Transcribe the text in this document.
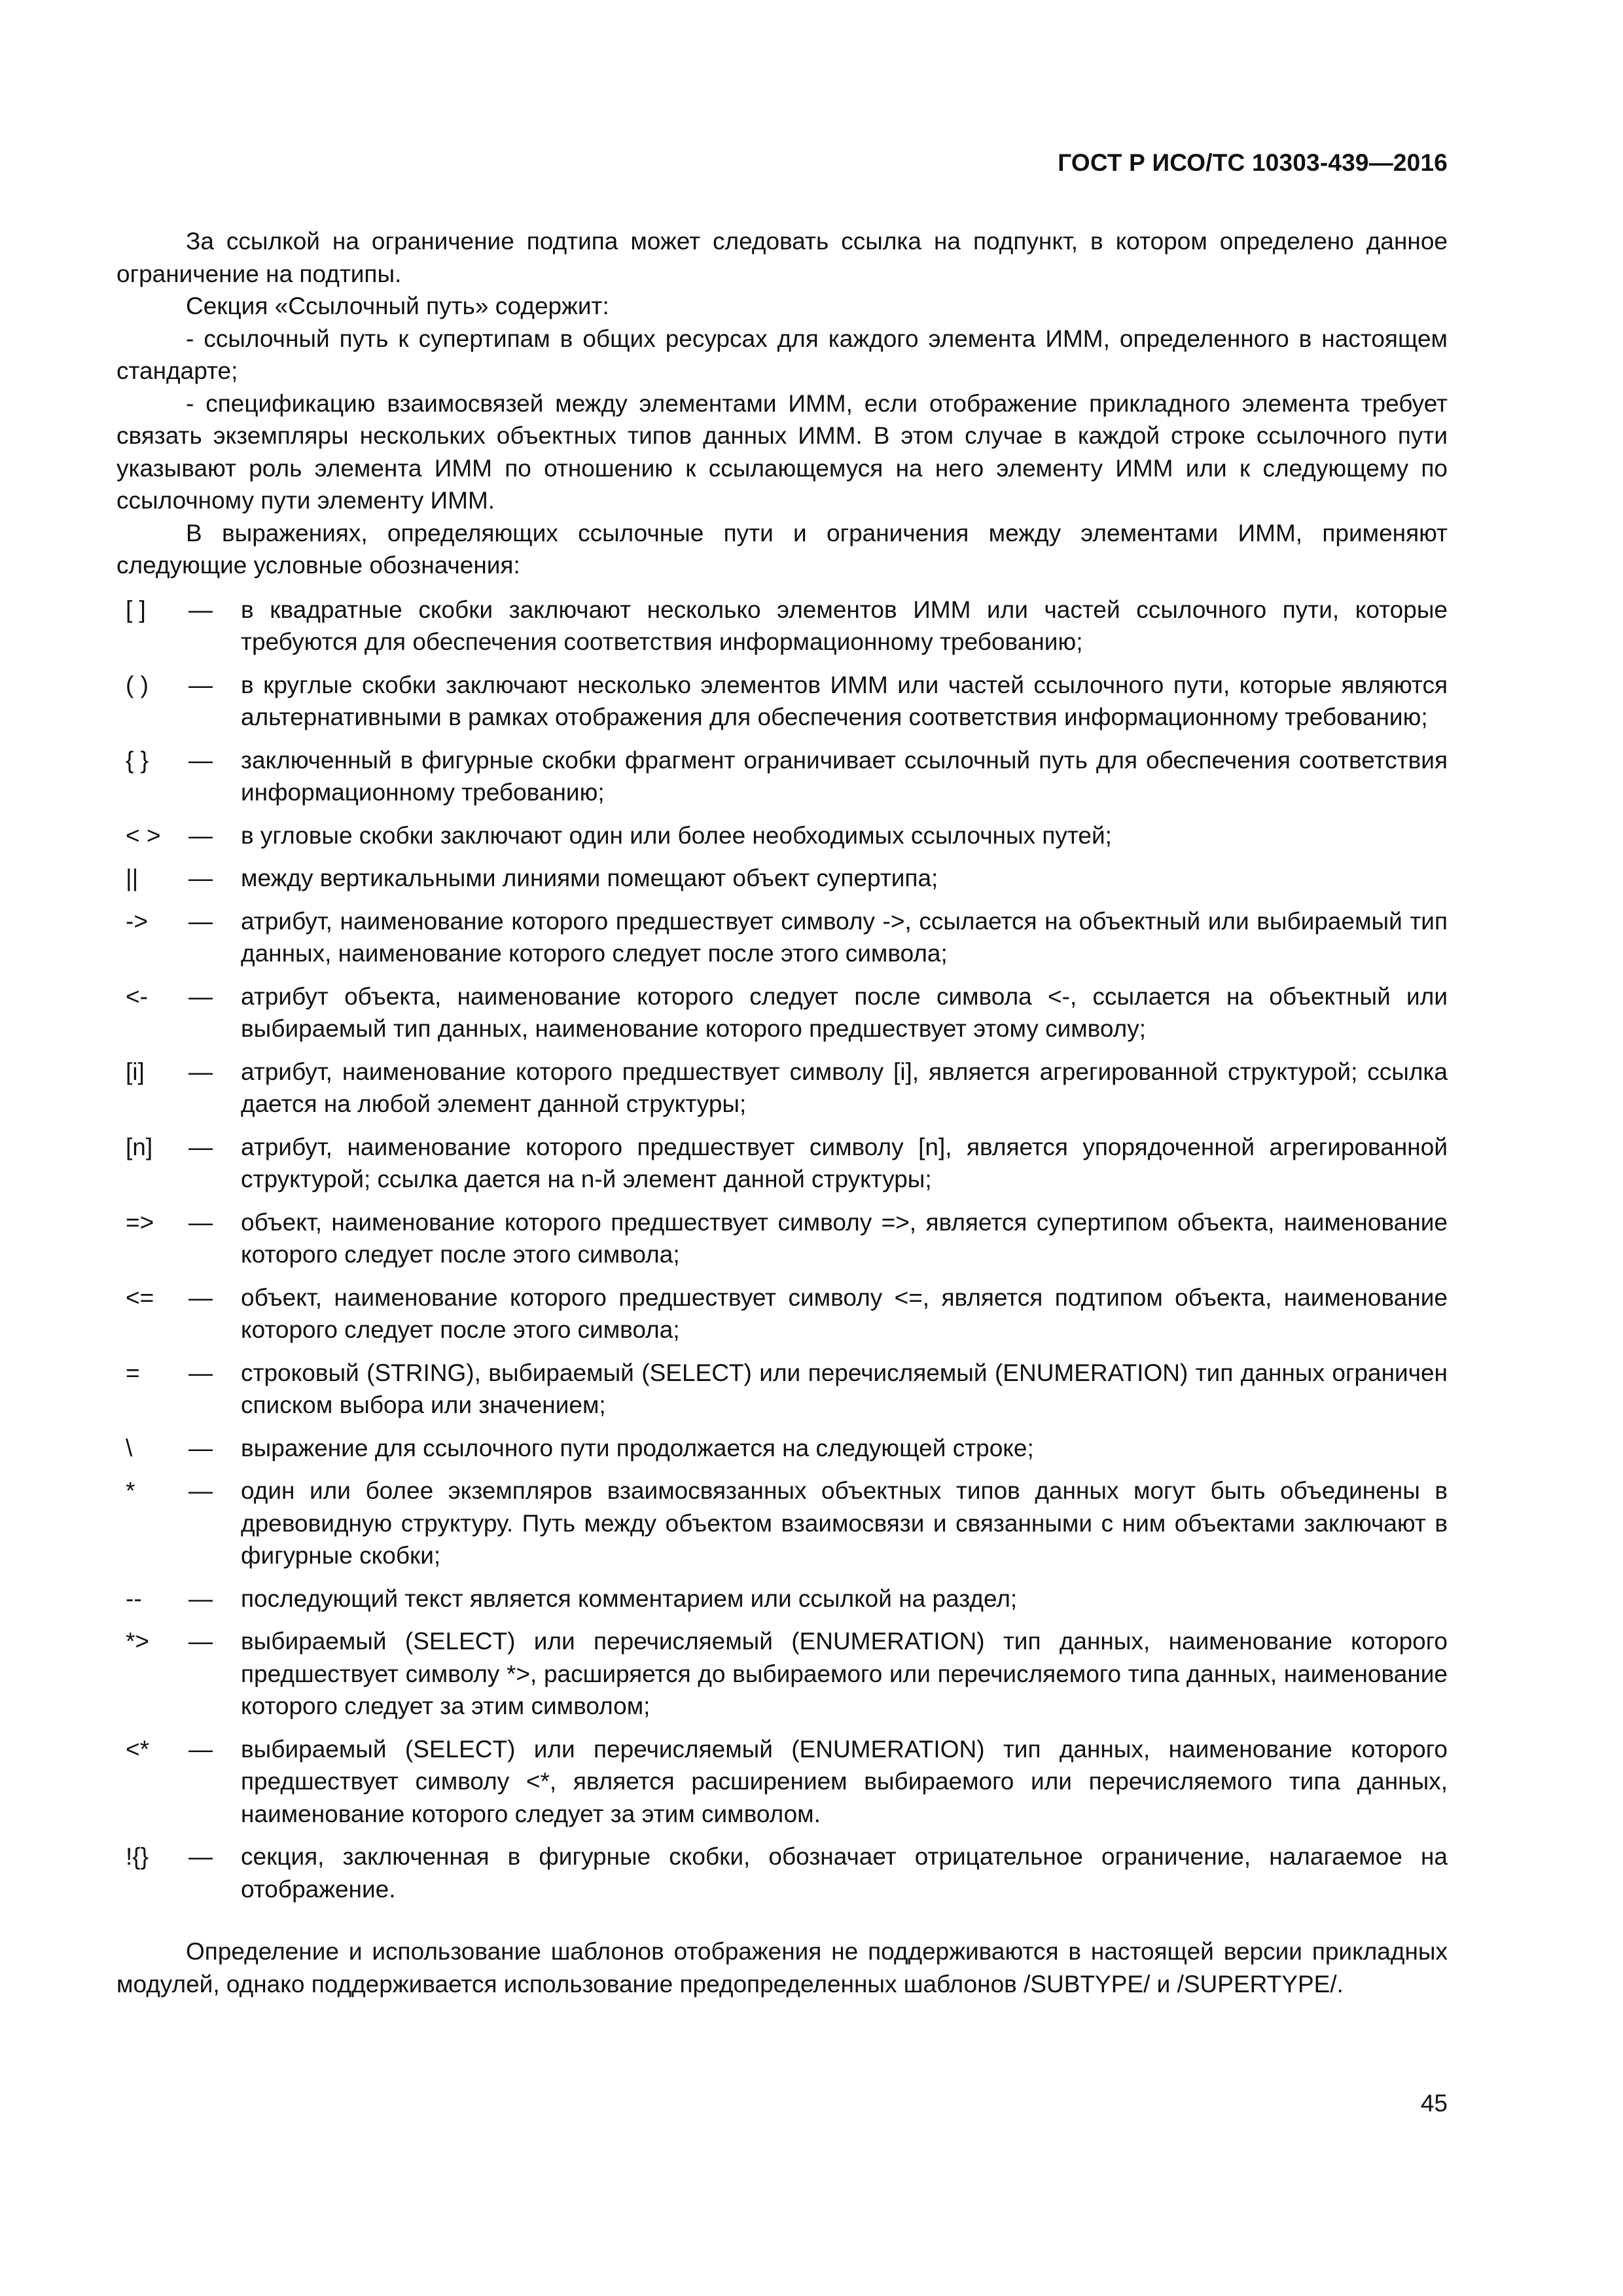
ГОСТ Р ИСО/ТС 10303-439—2016

За ссылкой на ограничение подтипа может следовать ссылка на подпункт, в котором определено данное ограничение на подтипы.

Секция «Ссылочный путь» содержит:

- ссылочный путь к супертипам в общих ресурсах для каждого элемента ИММ, определенного в настоящем стандарте;

- спецификацию взаимосвязей между элементами ИММ, если отображение прикладного элемента требует связать экземпляры нескольких объектных типов данных ИММ. В этом случае в каждой строке ссылочного пути указывают роль элемента ИММ по отношению к ссылающемуся на него элементу ИММ или к следующему по ссылочному пути элементу ИММ.

В выражениях, определяющих ссылочные пути и ограничения между элементами ИММ, применяют следующие условные обозначения:

[ ]	—	в квадратные скобки заключают несколько элементов ИММ или частей ссылочного пути, которые требуются для обеспечения соответствия информационному требованию;
( )	—	в круглые скобки заключают несколько элементов ИММ или частей ссылочного пути, которые являются альтернативными в рамках отображения для обеспечения соответствия информационному требованию;
{ }	—	заключенный в фигурные скобки фрагмент ограничивает ссылочный путь для обеспечения соответствия информационному требованию;
< >	—	в угловые скобки заключают один или более необходимых ссылочных путей;
||	—	между вертикальными линиями помещают объект супертипа;
->	—	атрибут, наименование которого предшествует символу ->, ссылается на объектный или выбираемый тип данных, наименование которого следует после этого символа;
<-	—	атрибут объекта, наименование которого следует после символа <-, ссылается на объектный или выбираемый тип данных, наименование которого предшествует этому символу;
[i]	—	атрибут, наименование которого предшествует символу [i], является агрегированной структурой; ссылка дается на любой элемент данной структуры;
[n]	—	атрибут, наименование которого предшествует символу [n], является упорядоченной агрегированной структурой; ссылка дается на n-й элемент данной структуры;
=>	—	объект, наименование которого предшествует символу =>, является супертипом объекта, наименование которого следует после этого символа;
<=	—	объект, наименование которого предшествует символу <=, является подтипом объекта, наименование которого следует после этого символа;
=	—	строковый (STRING), выбираемый (SELECT) или перечисляемый (ENUMERATION) тип данных ограничен списком выбора или значением;
\	—	выражение для ссылочного пути продолжается на следующей строке;
*	—	один или более экземпляров взаимосвязанных объектных типов данных могут быть объединены в древовидную структуру. Путь между объектом взаимосвязи и связанными с ним объектами заключают в фигурные скобки;
--	—	последующий текст является комментарием или ссылкой на раздел;
*>	—	выбираемый (SELECT) или перечисляемый (ENUMERATION) тип данных, наименование которого предшествует символу *>, расширяется до выбираемого или перечисляемого типа данных, наименование которого следует за этим символом;
<*	—	выбираемый (SELECT) или перечисляемый (ENUMERATION) тип данных, наименование которого предшествует символу <*, является расширением выбираемого или перечисляемого типа данных, наименование которого следует за этим символом.
!{}	—	секция, заключенная в фигурные скобки, обозначает отрицательное ограничение, налагаемое на отображение.

Определение и использование шаблонов отображения не поддерживаются в настоящей версии прикладных модулей, однако поддерживается использование предопределенных шаблонов /SUBTYPE/ и /SUPERTYPE/.

45
